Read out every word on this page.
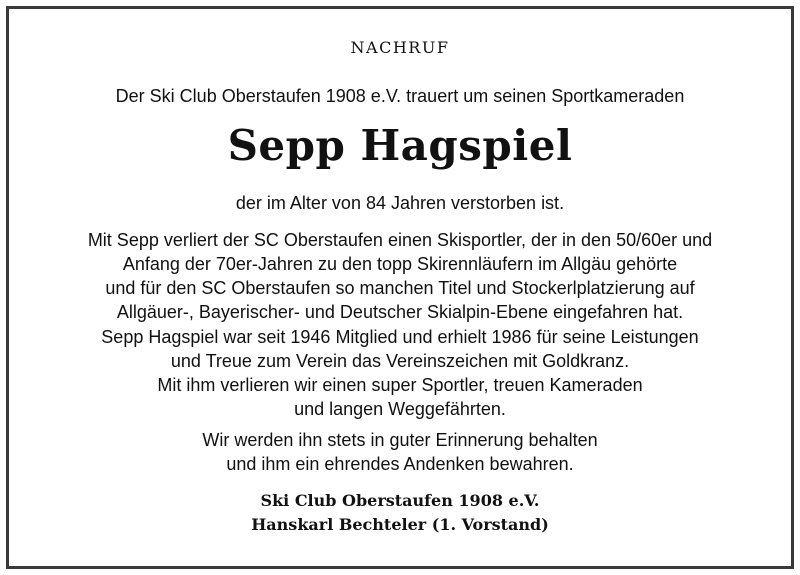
NACHRUF
Der Ski Club Oberstaufen 1908 e.V. trauert um seinen Sportkameraden
Sepp Hagspiel
der im Alter von 84 Jahren verstorben ist.
Mit Sepp verliert der SC Oberstaufen einen Skisportler, der in den 50/60er und
Anfang der 70er-Jahren zu den topp Skirennläufern im Allgäu gehörte
und für den SC Oberstaufen so manchen Titel und Stockerlplatzierung auf
Allgäuer-, Bayerischer- und Deutscher Skialpin-Ebene eingefahren hat.
Sepp Hagspiel war seit 1946 Mitglied und erhielt 1986 für seine Leistungen
und Treue zum Verein das Vereinszeichen mit Goldkranz.
Mit ihm verlieren wir einen super Sportler, treuen Kameraden
und langen Weggefährten.
Wir werden ihn stets in guter Erinnerung behalten
und ihm ein ehrendes Andenken bewahren.
Ski Club Oberstaufen 1908 e.V.
Hanskarl Bechteler (1. Vorstand)
